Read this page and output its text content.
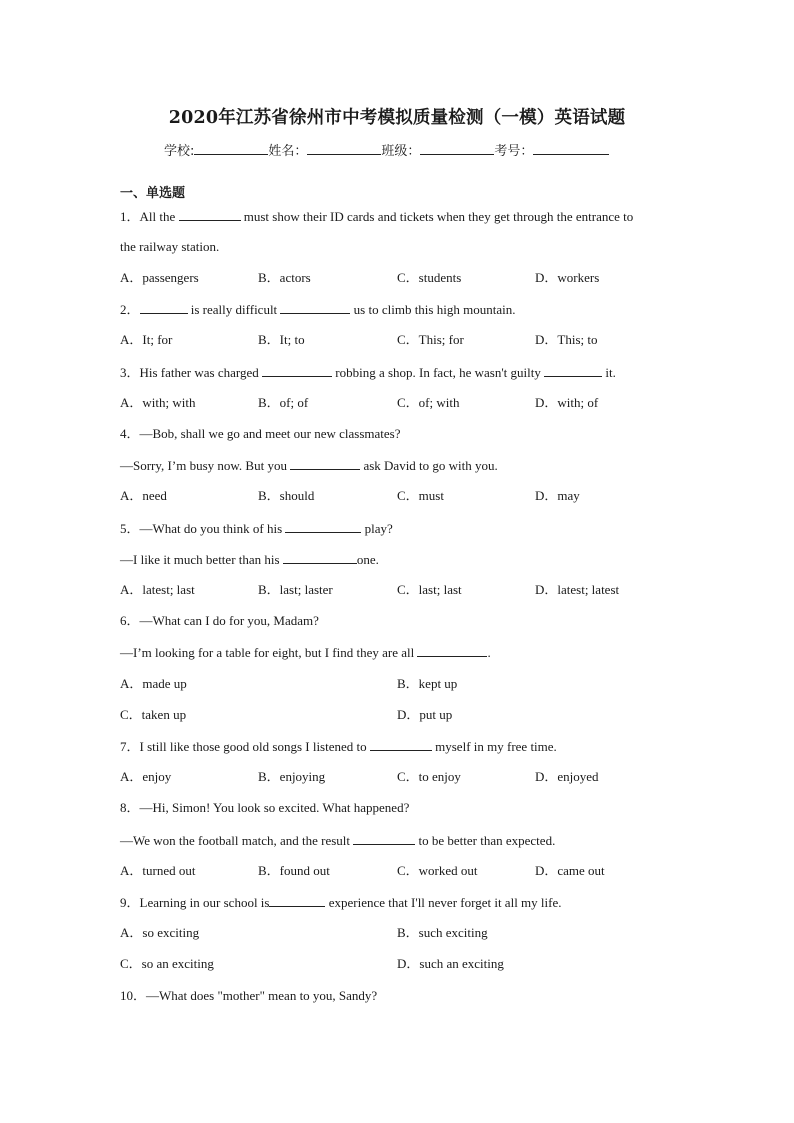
2020年江苏省徐州市中考模拟质量检测（一模）英语试题
学校:	姓名：	班级：	考号：
一、单选题
1．All the	must show their ID cards and tickets when they get through the entrance to
the railway station.
A．passengers	B．actors	C．students	D．workers
2．	is really difficult	us to climb this high mountain.
A．It; for	B．It; to	C．This; for	D．This; to
3．His father was charged	robbing a shop. In fact, he wasn't guilty	it.
A．with; with	B．of; of	C．of; with	D．with; of
4．—Bob, shall we go and meet our new classmates?
—Sorry, I’m busy now. But you	ask David to go with you.
A．need	B．should	C．must	D．may
5．—What do you think of his	play?
—I like it much better than his	one.
A．latest; last	B．last; laster	C．last; last	D．latest; latest
6．—What can I do for you, Madam?
—I’m looking for a table for eight, but I find they are all	.
A．made up	B．kept up
C．taken up	D．put up
7．I still like those good old songs I listened to	myself in my free time.
A．enjoy	B．enjoying	C．to enjoy	D．enjoyed
8．—Hi, Simon! You look so excited. What happened?
—We won the football match, and the result	to be better than expected.
A．turned out	B．found out	C．worked out	D．came out
9．Learning in our school is	experience that I'll never forget it all my life.
A．so exciting	B．such exciting
C．so an exciting	D．such an exciting
10．—What does "mother" mean to you, Sandy?
